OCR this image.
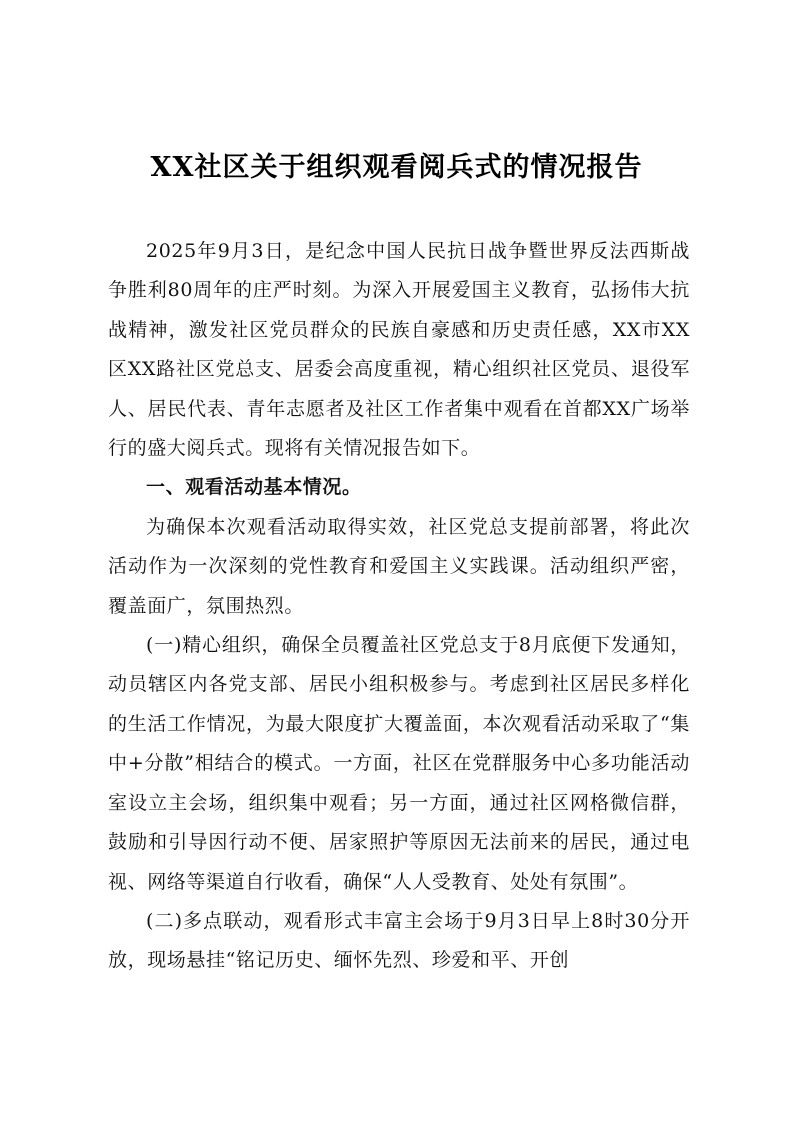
XX社区关于组织观看阅兵式的情况报告

2025年9月3日，是纪念中国人民抗日战争暨世界反法西斯战争胜利80周年的庄严时刻。为深入开展爱国主义教育，弘扬伟大抗战精神，激发社区党员群众的民族自豪感和历史责任感，XX市XX区XX路社区党总支、居委会高度重视，精心组织社区党员、退役军人、居民代表、青年志愿者及社区工作者集中观看在首都XX广场举行的盛大阅兵式。现将有关情况报告如下。

一、观看活动基本情况。

为确保本次观看活动取得实效，社区党总支提前部署，将此次活动作为一次深刻的党性教育和爱国主义实践课。活动组织严密，覆盖面广，氛围热烈。

(一)精心组织，确保全员覆盖社区党总支于8月底便下发通知，动员辖区内各党支部、居民小组积极参与。考虑到社区居民多样化的生活工作情况，为最大限度扩大覆盖面，本次观看活动采取了“集中+分散”相结合的模式。一方面，社区在党群服务中心多功能活动室设立主会场，组织集中观看；另一方面，通过社区网格微信群，鼓励和引导因行动不便、居家照护等原因无法前来的居民，通过电视、网络等渠道自行收看，确保“人人受教育、处处有氛围”。

(二)多点联动，观看形式丰富主会场于9月3日早上8时30分开放，现场悬挂“铭记历史、缅怀先烈、珍爱和平、开创
